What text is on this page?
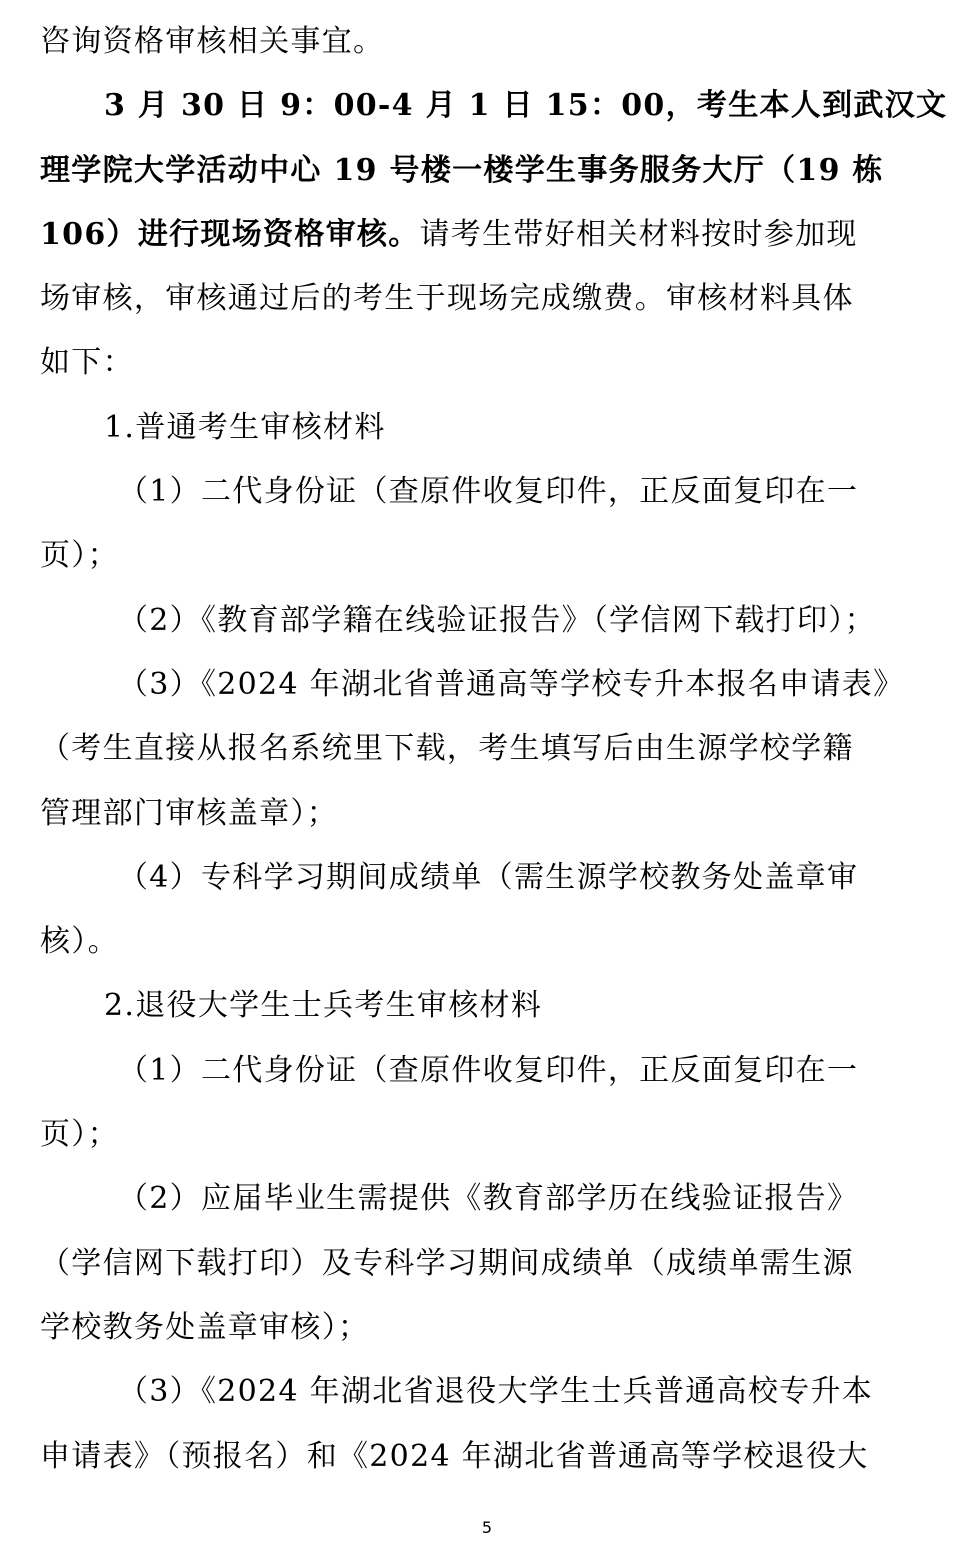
咨询资格审核相关事宜。
3 月 30 日 9：00-4 月 1 日 15：00，考生本人到武汉文
理学院大学活动中心 19 号楼一楼学生事务服务大厅（19 栋
106）进行现场资格审核。请考生带好相关材料按时参加现
场审核，审核通过后的考生于现场完成缴费。审核材料具体
如下：
1.普通考生审核材料
（1）二代身份证（查原件收复印件，正反面复印在一
页）；
（2）《教育部学籍在线验证报告》（学信网下载打印）；
（3）《2024 年湖北省普通高等学校专升本报名申请表》
（考生直接从报名系统里下载，考生填写后由生源学校学籍
管理部门审核盖章）；
（4）专科学习期间成绩单（需生源学校教务处盖章审
核）。
2.退役大学生士兵考生审核材料
（1）二代身份证（查原件收复印件，正反面复印在一
页）；
（2）应届毕业生需提供《教育部学历在线验证报告》
（学信网下载打印）及专科学习期间成绩单（成绩单需生源
学校教务处盖章审核）；
（3）《2024 年湖北省退役大学生士兵普通高校专升本
申请表》（预报名）和《2024 年湖北省普通高等学校退役大
5
